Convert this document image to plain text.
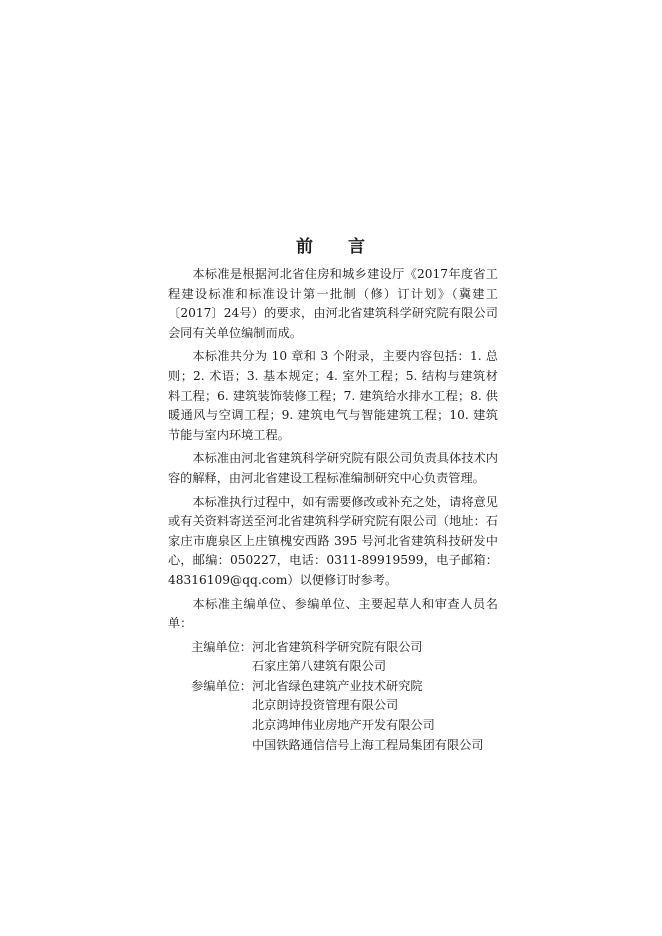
前 言

本标准是根据河北省住房和城乡建设厅《2017年度省工程建设标准和标准设计第一批制（修）订计划》（冀建工〔2017〕24号）的要求，由河北省建筑科学研究院有限公司会同有关单位编制而成。

本标准共分为 10 章和 3 个附录，主要内容包括：1. 总则；2. 术语；3. 基本规定；4. 室外工程；5. 结构与建筑材料工程；6. 建筑装饰装修工程；7. 建筑给水排水工程；8. 供暖通风与空调工程；9. 建筑电气与智能建筑工程；10. 建筑节能与室内环境工程。

本标准由河北省建筑科学研究院有限公司负责具体技术内容的解释，由河北省建设工程标准编制研究中心负责管理。

本标准执行过程中，如有需要修改或补充之处，请将意见或有关资料寄送至河北省建筑科学研究院有限公司（地址：石家庄市鹿泉区上庄镇槐安西路 395 号河北省建筑科技研发中心，邮编：050227，电话：0311-89919599，电子邮箱：48316109@qq.com）以便修订时参考。

本标准主编单位、参编单位、主要起草人和审查人员名单：

主编单位： 河北省建筑科学研究院有限公司
石家庄第八建筑有限公司
参编单位： 河北省绿色建筑产业技术研究院
北京朗诗投资管理有限公司
北京鸿坤伟业房地产开发有限公司
中国铁路通信信号上海工程局集团有限公司
